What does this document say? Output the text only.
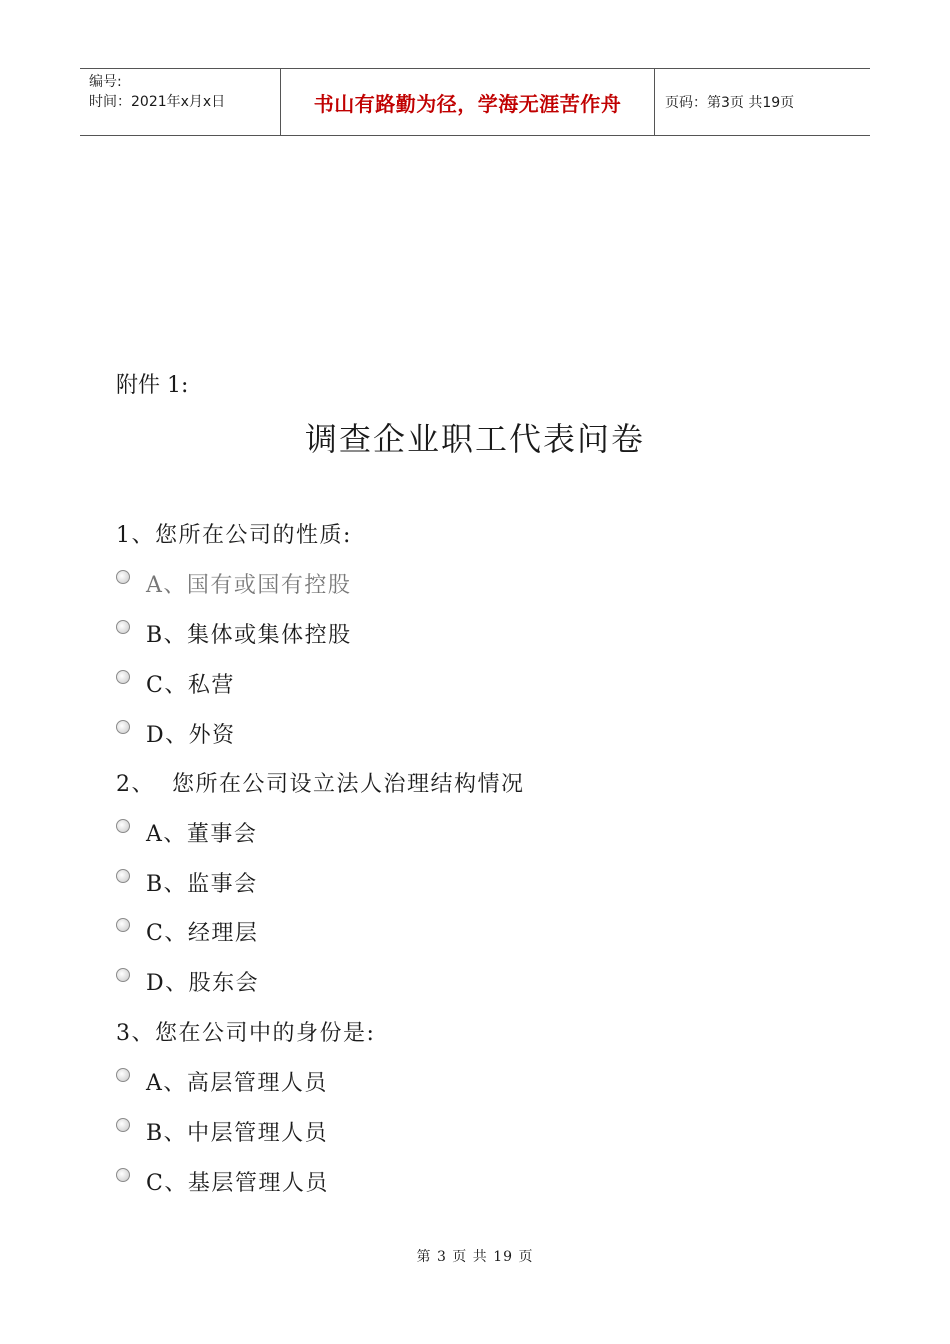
编号:
时间：2021年x月x日	书山有路勤为径，学海无涯苦作舟	页码：第3页 共19页
附件 1:
调查企业职工代表问卷
1、您所在公司的性质:
A、国有或国有控股
B、集体或集体控股
C、私营
D、外资
2、  您所在公司设立法人治理结构情况
A、董事会
B、监事会
C、经理层
D、股东会
3、您在公司中的身份是:
A、高层管理人员
B、中层管理人员
C、基层管理人员
第 3 页 共 19 页
